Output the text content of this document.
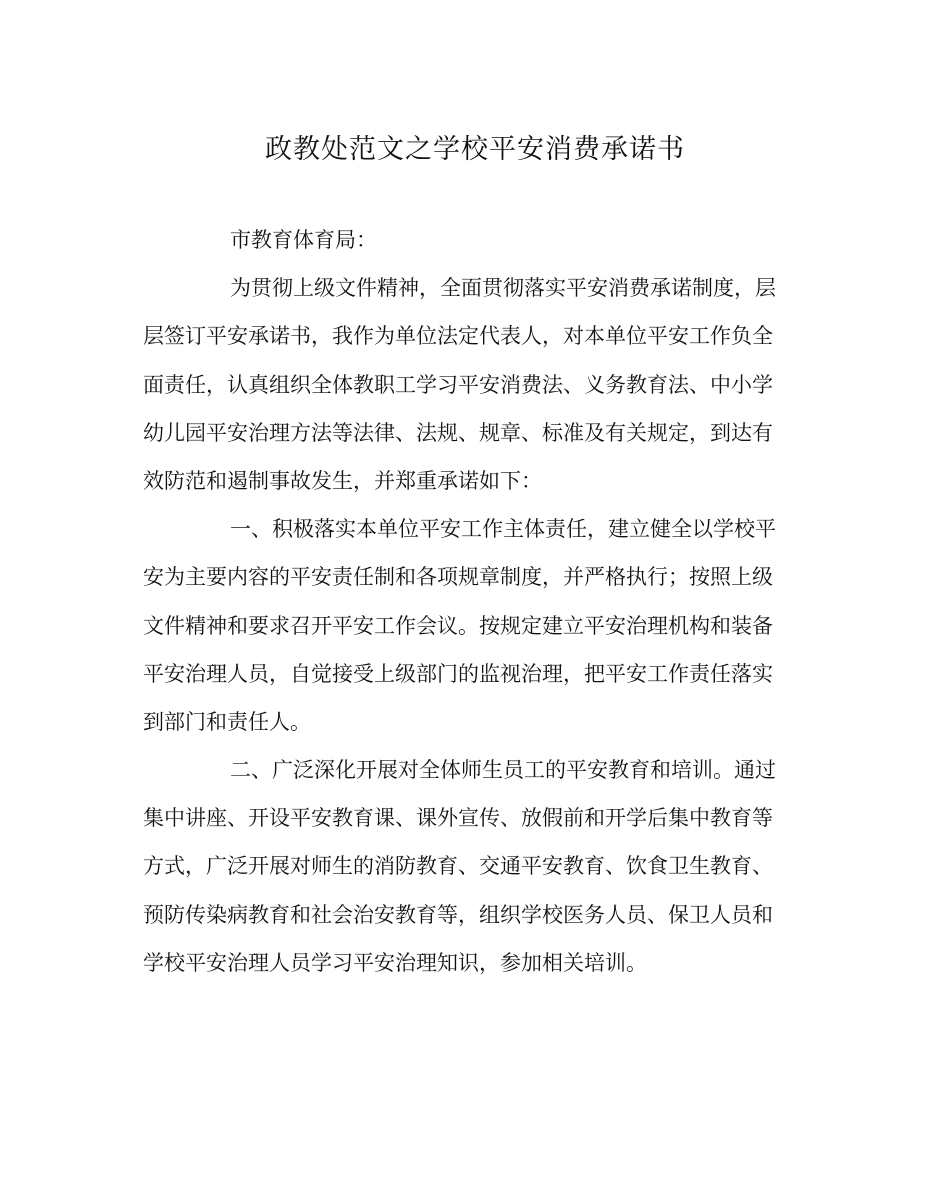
政教处范文之学校平安消费承诺书

市教育体育局：

为贯彻上级文件精神，全面贯彻落实平安消费承诺制度，层
层签订平安承诺书，我作为单位法定代表人，对本单位平安工作负全
面责任，认真组织全体教职工学习平安消费法、义务教育法、中小学
幼儿园平安治理方法等法律、法规、规章、标准及有关规定，到达有
效防范和遏制事故发生，并郑重承诺如下：

一、积极落实本单位平安工作主体责任，建立健全以学校平
安为主要内容的平安责任制和各项规章制度，并严格执行；按照上级
文件精神和要求召开平安工作会议。按规定建立平安治理机构和装备
平安治理人员，自觉接受上级部门的监视治理，把平安工作责任落实
到部门和责任人。

二、广泛深化开展对全体师生员工的平安教育和培训。通过
集中讲座、开设平安教育课、课外宣传、放假前和开学后集中教育等
方式，广泛开展对师生的消防教育、交通平安教育、饮食卫生教育、
预防传染病教育和社会治安教育等，组织学校医务人员、保卫人员和
学校平安治理人员学习平安治理知识，参加相关培训。
